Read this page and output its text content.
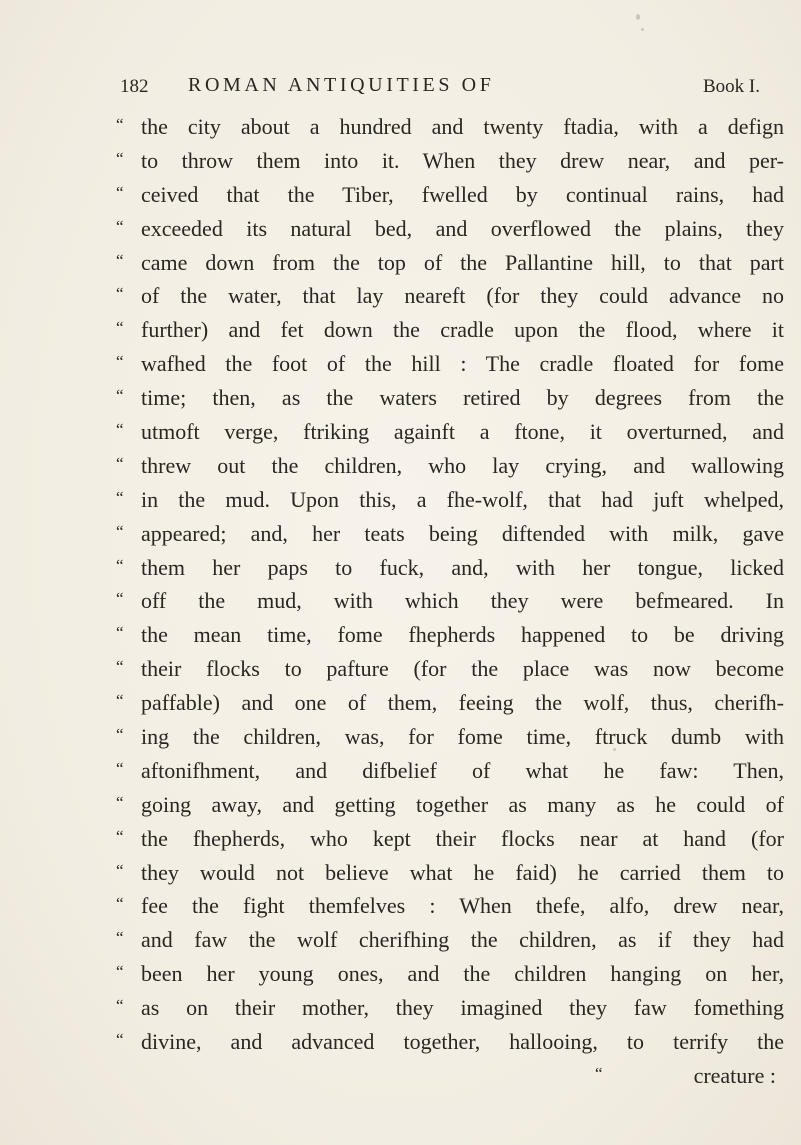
182 ROMAN ANTIQUITIES OF	Book I.
“ the city about a hundred and twenty ftadia, with a defign
“ to throw them into it. When they drew near, and per-
“ ceived that the Tiber, fwelled by continual rains, had
“ exceeded its natural bed, and overflowed the plains, they
“ came down from the top of the Pallantine hill, to that part
“ of the water, that lay neareft (for they could advance no
“ further) and fet down the cradle upon the flood, where it
“ wafhed the foot of the hill : The cradle floated for fome
“ time; then, as the waters retired by degrees from the
“ utmoft verge, ftriking againft a ftone, it overturned, and
“ threw out the children, who lay crying, and wallowing
“ in the mud. Upon this, a fhe-wolf, that had juft whelped,
“ appeared; and, her teats being diftended with milk, gave
“ them her paps to fuck, and, with her tongue, licked
“ off the mud, with which they were befmeared. In
“ the mean time, fome fhepherds happened to be driving
“ their flocks to pafture (for the place was now become
“ paffable) and one of them, feeing the wolf, thus, cherifh-
“ ing the children, was, for fome time, ftruck dumb with
“ aftonifhment, and difbelief of what he faw: Then,
“ going away, and getting together as many as he could of
“ the fhepherds, who kept their flocks near at hand (for
“ they would not believe what he faid) he carried them to
“ fee the fight themfelves : When thefe, alfo, drew near,
“ and faw the wolf cherifhing the children, as if they had
“ been her young ones, and the children hanging on her,
“ as on their mother, they imagined they faw fomething
“ divine, and advanced together, hallooing, to terrify the
“	creature :
